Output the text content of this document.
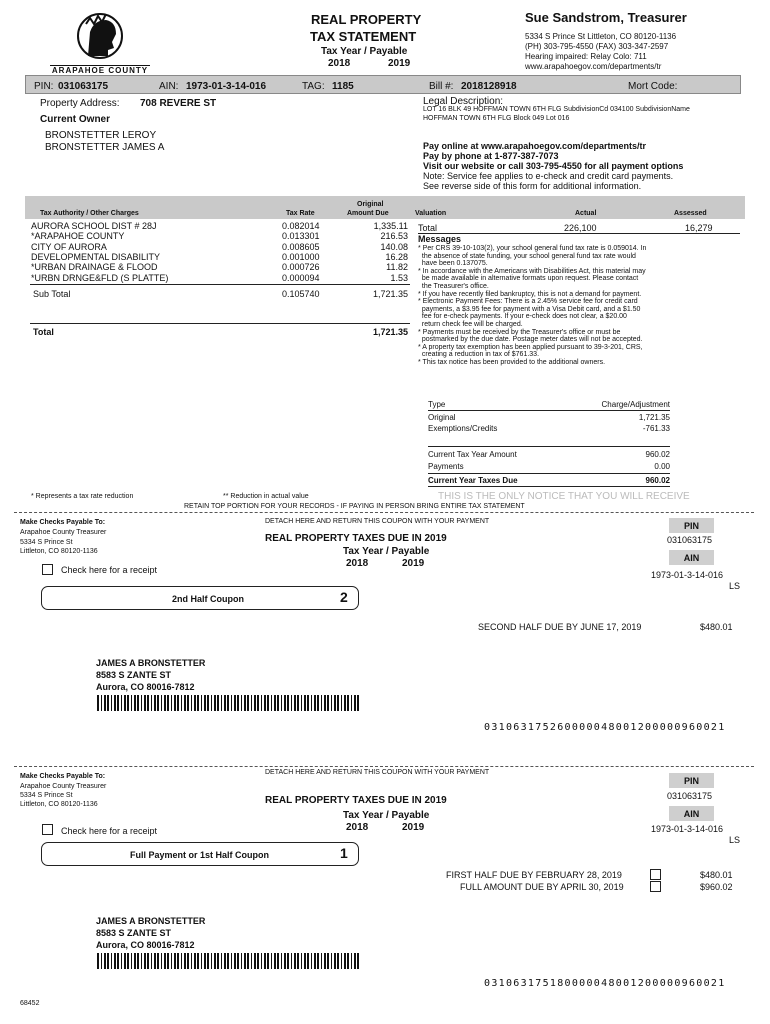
ARAPAHOE COUNTY
REAL PROPERTY
TAX STATEMENT
Tax Year / Payable
2018	2019
Sue Sandstrom, Treasurer
5334 S Prince St Littleton, CO 80120-1136
(PH) 303-795-4550 (FAX) 303-347-2597
Hearing impaired: Relay Colo: 711
www.arapahoegov.com/departments/tr
PIN: 031063175	AIN: 1973-01-3-14-016	TAG: 1185	Bill #: 2018128918	Mort Code:
Property Address: 708 REVERE ST
Current Owner
BRONSTETTER LEROY
BRONSTETTER JAMES A
Legal Description:
LOT 16 BLK 49 HOFFMAN TOWN 6TH FLG SubdivisionCd 034100 SubdivisionName
HOFFMAN TOWN 6TH FLG Block 049 Lot 016
Pay online at www.arapahoegov.com/departments/tr
Pay by phone at 1-877-387-7073
Visit our website or call 303-795-4550 for all payment options
Note: Service fee applies to e-check and credit card payments.
See reverse side of this form for additional information.
Tax Authority / Other Charges	Tax Rate
Original
Amount Due	Valuation	Actual	Assessed
AURORA SCHOOL DIST # 28J	0.082014	1,335.11
*ARAPAHOE COUNTY	0.013301	216.53
CITY OF AURORA	0.008605	140.08
DEVELOPMENTAL DISABILITY	0.001000	16.28
*URBAN DRAINAGE & FLOOD	0.000726	11.82
*URBN DRNGE&FLD (S PLATTE)	0.000094	1.53
Sub Total	0.105740	1,721.35
Total	1,721.35
Total	226,100	16,279
Messages
* Per CRS 39-10-103(2), your school general fund tax rate is 0.059014. In
the absence of state funding, your school general fund tax rate would
have been 0.137075.
* In accordance with the Americans with Disabilities Act, this material may
be made available in alternative formats upon request. Please contact
the Treasurer's office.
* If you have recently filed bankruptcy, this is not a demand for payment.
* Electronic Payment Fees: There is a 2.45% service fee for credit card
payments, a $3.95 fee for payment with a Visa Debit card, and a $1.50
fee for e-check payments. If your e-check does not clear, a $20.00
return check fee will be charged.
* Payments must be received by the Treasurer's office or must be
postmarked by the due date. Postage meter dates will not be accepted.
* A property tax exemption has been applied pursuant to 39-3-201, CRS,
creating a reduction in tax of $761.33.
* This tax notice has been provided to the additional owners.
Type	Charge/Adjustment
Original	1,721.35
Exemptions/Credits	-761.33
Current Tax Year Amount	960.02
Payments	0.00
Current Year Taxes Due	960.02
* Represents a tax rate reduction	** Reduction in actual value	THIS IS THE ONLY NOTICE THAT YOU WILL RECEIVE
RETAIN TOP PORTION FOR YOUR RECORDS - IF PAYING IN PERSON BRING ENTIRE TAX STATEMENT
Make Checks Payable To:
Arapahoe County Treasurer
5334 S Prince St
Littleton, CO 80120-1136
DETACH HERE AND RETURN THIS COUPON WITH YOUR PAYMENT
REAL PROPERTY TAXES DUE IN 2019
Tax Year / Payable
2018	2019
PIN
031063175
AIN
1973-01-3-14-016
LS
Check here for a receipt
2nd Half Coupon	2
SECOND HALF DUE BY JUNE 17, 2019	$480.01
JAMES A BRONSTETTER
8583 S ZANTE ST
Aurora, CO 80016-7812
031063175260000048001200000960021
Make Checks Payable To:
Arapahoe County Treasurer
5334 S Prince St
Littleton, CO 80120-1136
DETACH HERE AND RETURN THIS COUPON WITH YOUR PAYMENT
REAL PROPERTY TAXES DUE IN 2019
Tax Year / Payable
2018	2019
PIN
031063175
AIN
1973-01-3-14-016
LS
Check here for a receipt
Full Payment or 1st Half Coupon	1
FIRST HALF DUE BY FEBRUARY 28, 2019	$480.01
FULL AMOUNT DUE BY APRIL 30, 2019	$960.02
JAMES A BRONSTETTER
8583 S ZANTE ST
Aurora, CO 80016-7812
031063175180000048001200000960021
68452
